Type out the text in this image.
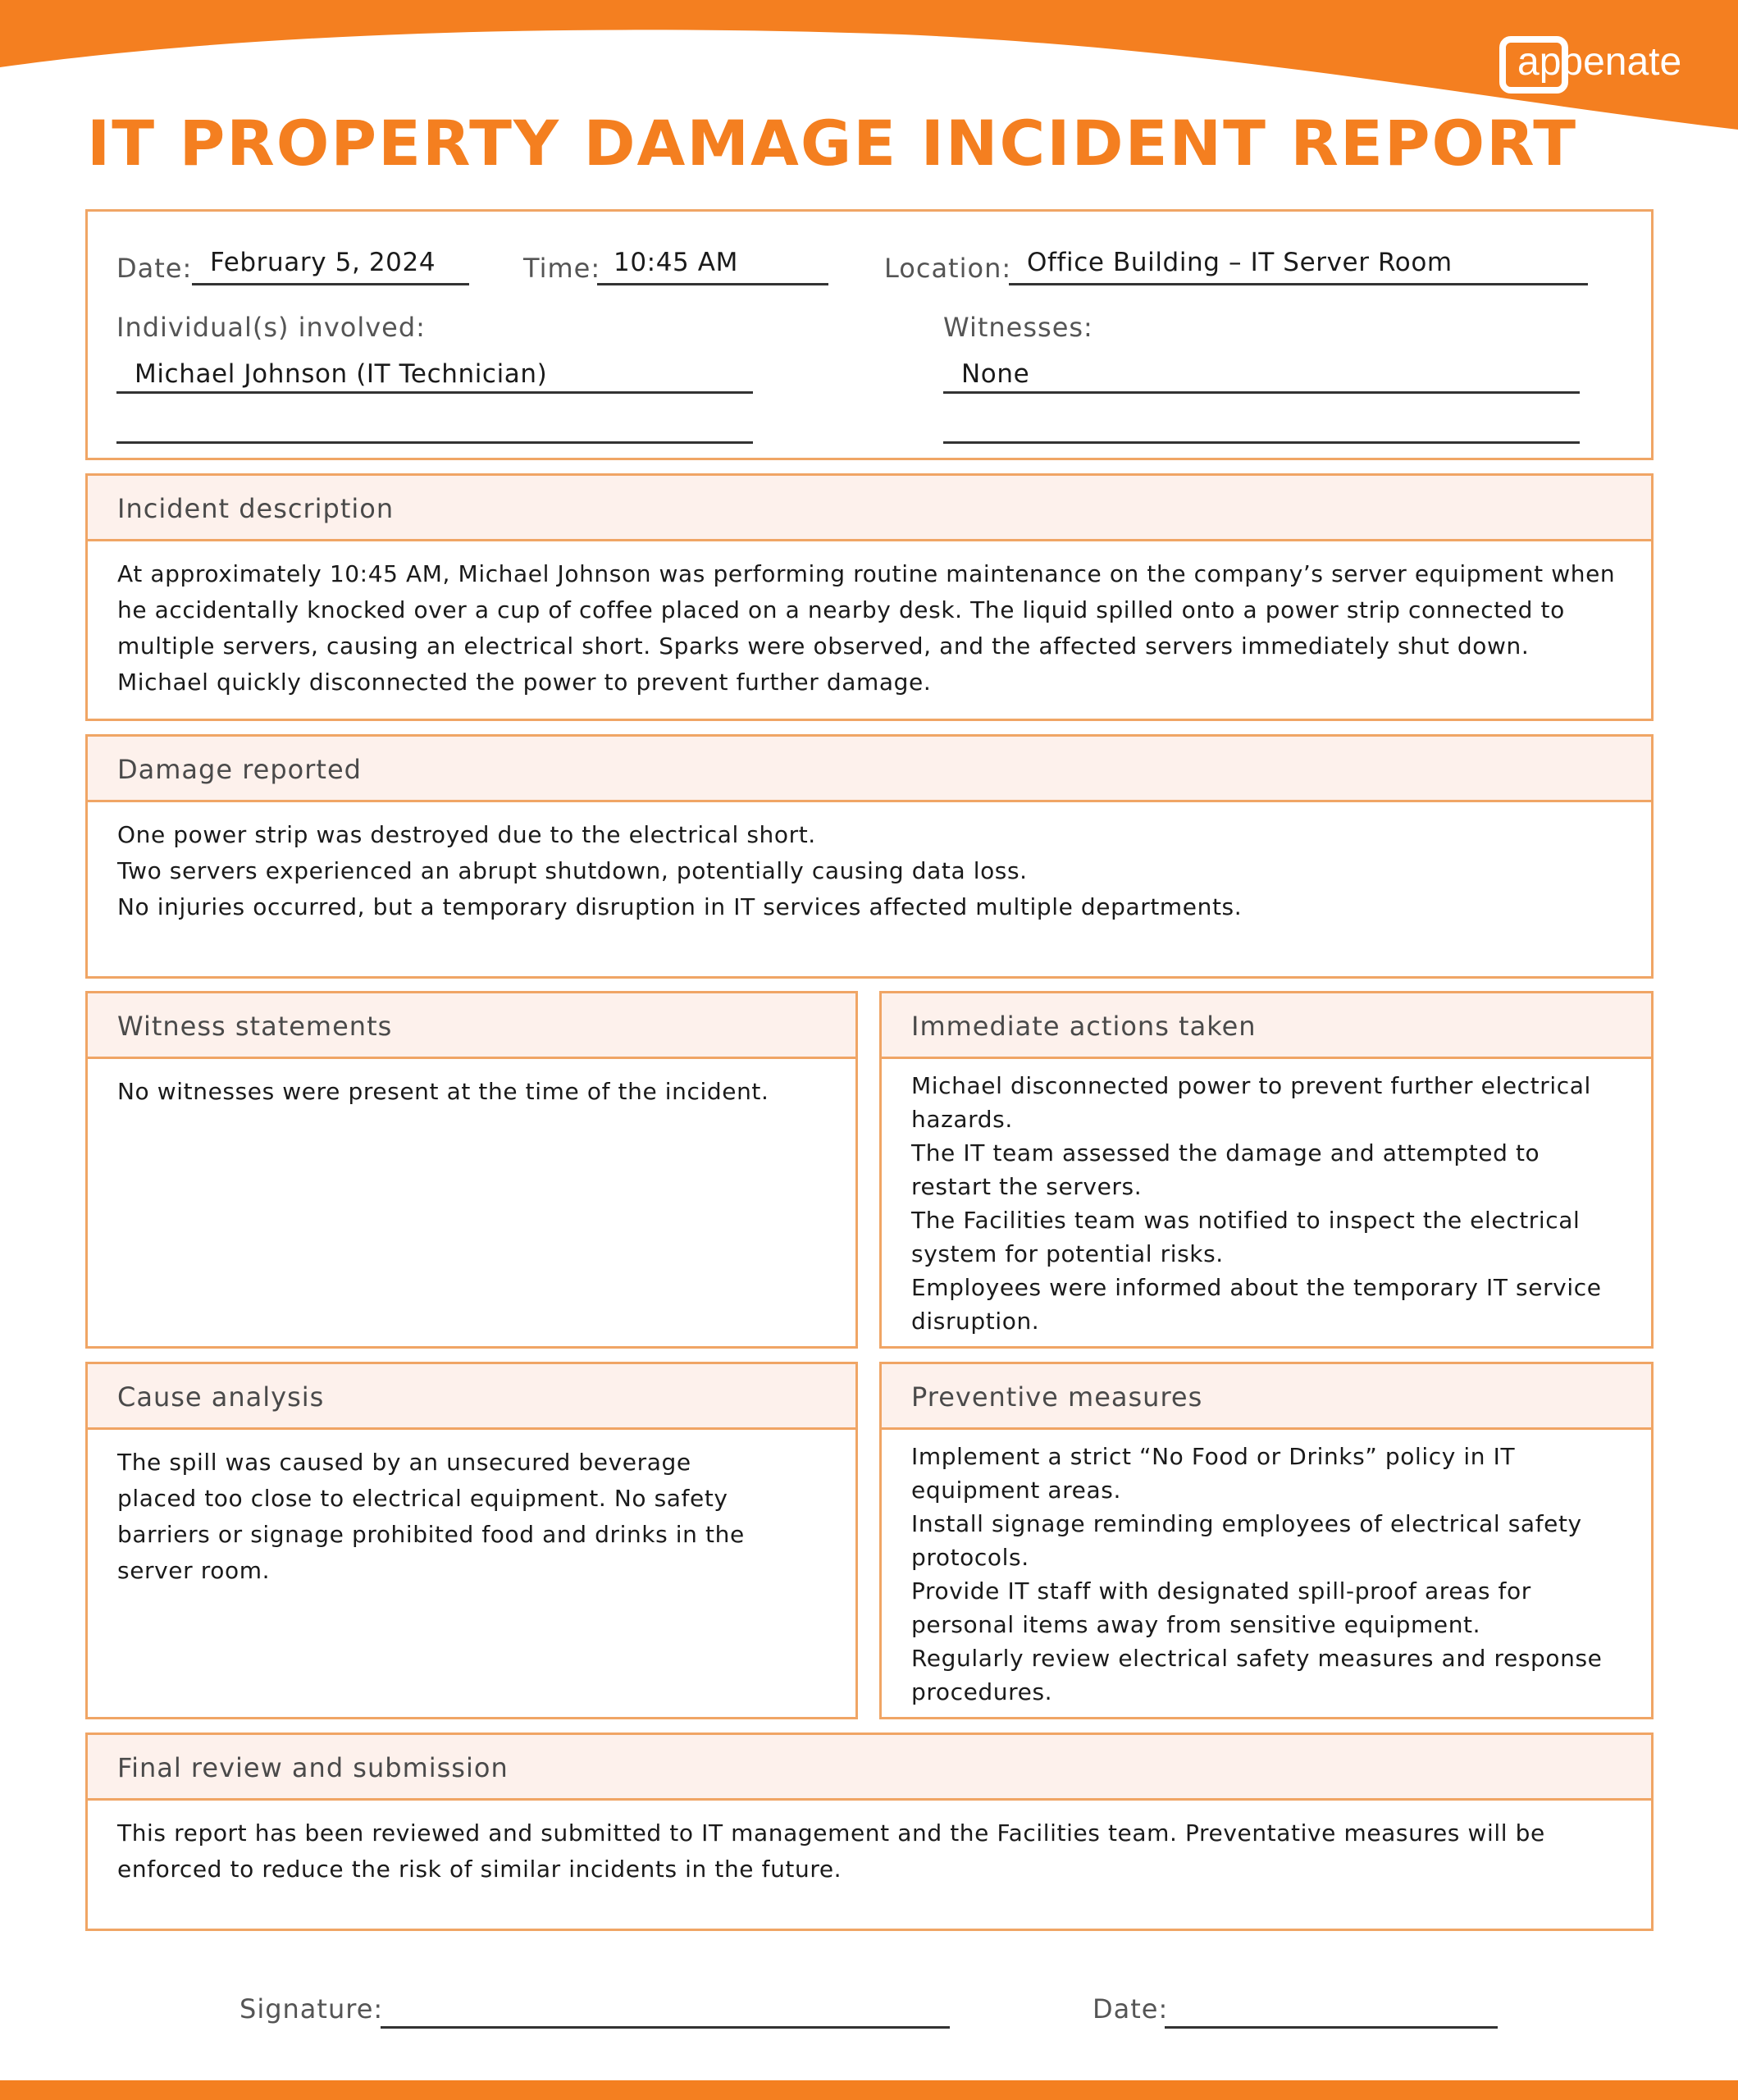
appenate
IT PROPERTY DAMAGE INCIDENT REPORT
Date: February 5, 2024	Time: 10:45 AM	Location: Office Building – IT Server Room
Individual(s) involved:
Michael Johnson (IT Technician)
Witnesses:
None
Incident description

At approximately 10:45 AM, Michael Johnson was performing routine maintenance on the company’s server equipment when he accidentally knocked over a cup of coffee placed on a nearby desk. The liquid spilled onto a power strip connected to multiple servers, causing an electrical short. Sparks were observed, and the affected servers immediately shut down. Michael quickly disconnected the power to prevent further damage.

Damage reported

One power strip was destroyed due to the electrical short.

Two servers experienced an abrupt shutdown, potentially causing data loss.

No injuries occurred, but a temporary disruption in IT services affected multiple departments.

Witness statements

No witnesses were present at the time of the incident.

Immediate actions taken

Michael disconnected power to prevent further electrical hazards.

The IT team assessed the damage and attempted to restart the servers.

The Facilities team was notified to inspect the electrical system for potential risks.

Employees were informed about the temporary IT service disruption.

Cause analysis

The spill was caused by an unsecured beverage placed too close to electrical equipment. No safety barriers or signage prohibited food and drinks in the server room.

Preventive measures

Implement a strict “No Food or Drinks” policy in IT equipment areas.

Install signage reminding employees of electrical safety protocols.

Provide IT staff with designated spill-proof areas for personal items away from sensitive equipment.

Regularly review electrical safety measures and response procedures.

Final review and submission

This report has been reviewed and submitted to IT management and the Facilities team. Preventative measures will be enforced to reduce the risk of similar incidents in the future.

Signature:	Date:
